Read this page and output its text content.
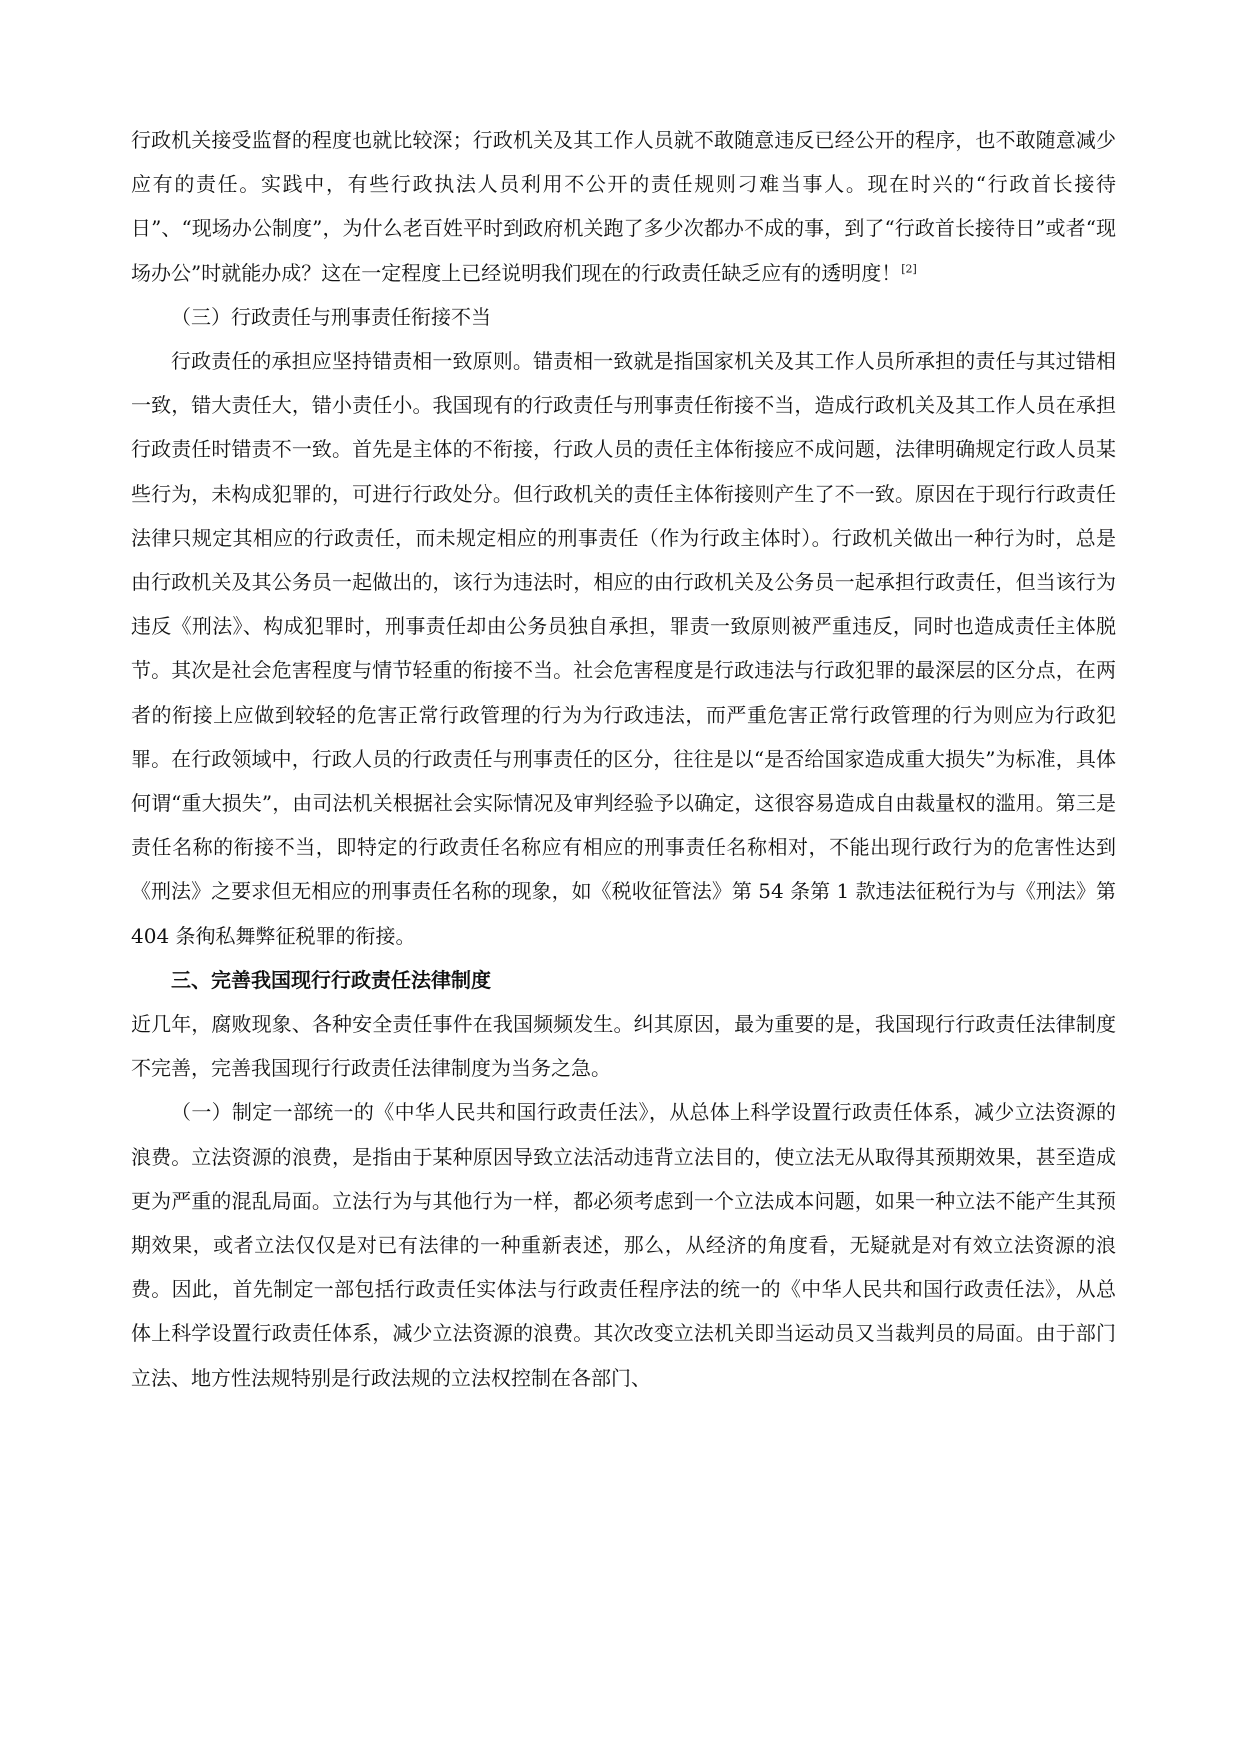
行政机关接受监督的程度也就比较深；行政机关及其工作人员就不敢随意违反已经公开的程序，也不敢随意减少应有的责任。实践中，有些行政执法人员利用不公开的责任规则刁难当事人。现在时兴的“行政首长接待日”、“现场办公制度”，为什么老百姓平时到政府机关跑了多少次都办不成的事，到了“行政首长接待日”或者“现场办公”时就能办成？这在一定程度上已经说明我们现在的行政责任缺乏应有的透明度！[2]

（三）行政责任与刑事责任衔接不当

行政责任的承担应坚持错责相一致原则。错责相一致就是指国家机关及其工作人员所承担的责任与其过错相一致，错大责任大，错小责任小。我国现有的行政责任与刑事责任衔接不当，造成行政机关及其工作人员在承担行政责任时错责不一致。首先是主体的不衔接，行政人员的责任主体衔接应不成问题，法律明确规定行政人员某些行为，未构成犯罪的，可进行行政处分。但行政机关的责任主体衔接则产生了不一致。原因在于现行行政责任法律只规定其相应的行政责任，而未规定相应的刑事责任（作为行政主体时）。行政机关做出一种行为时，总是由行政机关及其公务员一起做出的，该行为违法时，相应的由行政机关及公务员一起承担行政责任，但当该行为违反《刑法》、构成犯罪时，刑事责任却由公务员独自承担，罪责一致原则被严重违反，同时也造成责任主体脱节。其次是社会危害程度与情节轻重的衔接不当。社会危害程度是行政违法与行政犯罪的最深层的区分点，在两者的衔接上应做到较轻的危害正常行政管理的行为为行政违法，而严重危害正常行政管理的行为则应为行政犯罪。在行政领域中，行政人员的行政责任与刑事责任的区分，往往是以“是否给国家造成重大损失”为标准，具体何谓“重大损失”，由司法机关根据社会实际情况及审判经验予以确定，这很容易造成自由裁量权的滥用。第三是责任名称的衔接不当，即特定的行政责任名称应有相应的刑事责任名称相对，不能出现行政行为的危害性达到《刑法》之要求但无相应的刑事责任名称的现象，如《税收征管法》第 54 条第 1 款违法征税行为与《刑法》第 404 条徇私舞弊征税罪的衔接。

三、完善我国现行行政责任法律制度

近几年，腐败现象、各种安全责任事件在我国频频发生。纠其原因，最为重要的是，我国现行行政责任法律制度不完善，完善我国现行行政责任法律制度为当务之急。

（一）制定一部统一的《中华人民共和国行政责任法》，从总体上科学设置行政责任体系，减少立法资源的浪费。立法资源的浪费，是指由于某种原因导致立法活动违背立法目的，使立法无从取得其预期效果，甚至造成更为严重的混乱局面。立法行为与其他行为一样，都必须考虑到一个立法成本问题，如果一种立法不能产生其预期效果，或者立法仅仅是对已有法律的一种重新表述，那么，从经济的角度看，无疑就是对有效立法资源的浪费。因此，首先制定一部包括行政责任实体法与行政责任程序法的统一的《中华人民共和国行政责任法》，从总体上科学设置行政责任体系，减少立法资源的浪费。其次改变立法机关即当运动员又当裁判员的局面。由于部门立法、地方性法规特别是行政法规的立法权控制在各部门、
